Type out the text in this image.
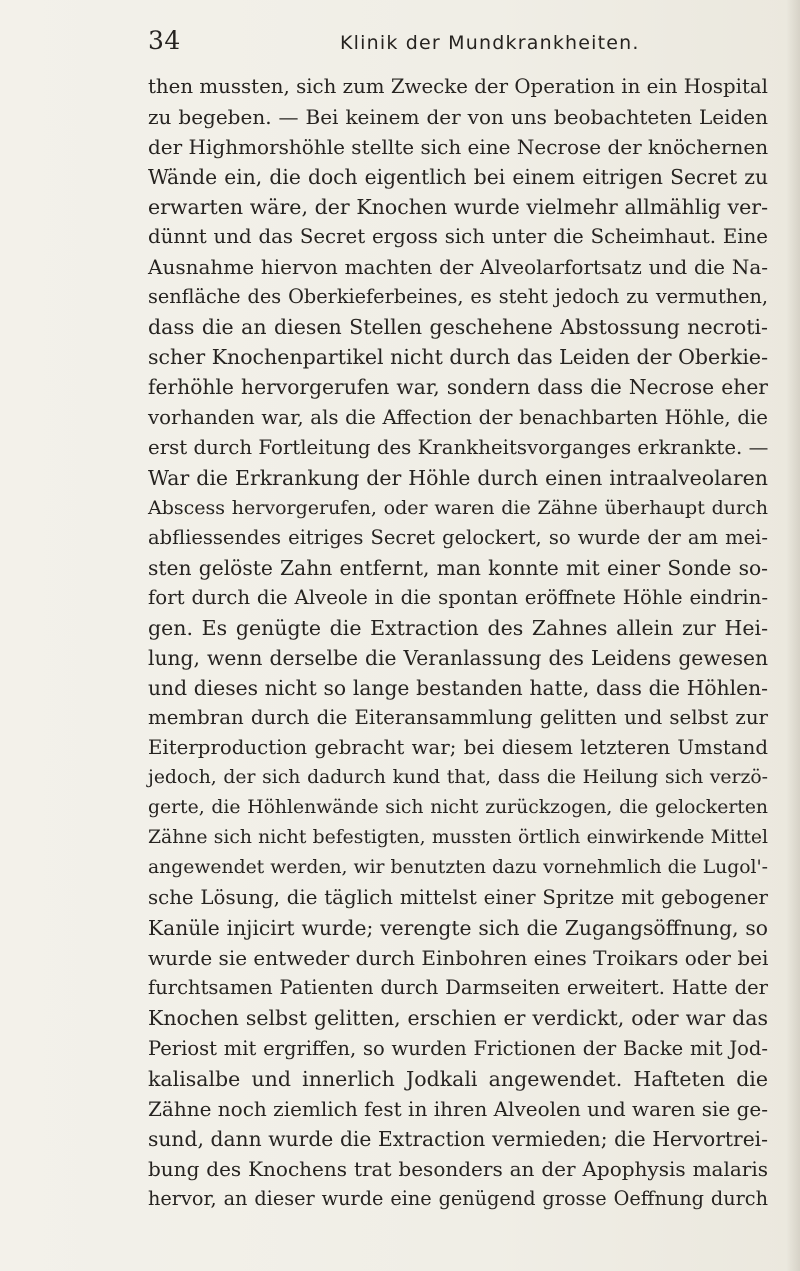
34	Klinik der Mundkrankheiten.
then mussten, sich zum Zwecke der Operation in ein Hospital
zu begeben. — Bei keinem der von uns beobachteten Leiden
der Highmorshöhle stellte sich eine Necrose der knöchernen
Wände ein, die doch eigentlich bei einem eitrigen Secret zu
erwarten wäre, der Knochen wurde vielmehr allmählig ver-
dünnt und das Secret ergoss sich unter die Scheimhaut. Eine
Ausnahme hiervon machten der Alveolarfortsatz und die Na-
senfläche des Oberkieferbeines, es steht jedoch zu vermuthen,
dass die an diesen Stellen geschehene Abstossung necroti-
scher Knochenpartikel nicht durch das Leiden der Oberkie-
ferhöhle hervorgerufen war, sondern dass die Necrose eher
vorhanden war, als die Affection der benachbarten Höhle, die
erst durch Fortleitung des Krankheitsvorganges erkrankte. —
War die Erkrankung der Höhle durch einen intraalveolaren
Abscess hervorgerufen, oder waren die Zähne überhaupt durch
abfliessendes eitriges Secret gelockert, so wurde der am mei-
sten gelöste Zahn entfernt, man konnte mit einer Sonde so-
fort durch die Alveole in die spontan eröffnete Höhle eindrin-
gen. Es genügte die Extraction des Zahnes allein zur Hei-
lung, wenn derselbe die Veranlassung des Leidens gewesen
und dieses nicht so lange bestanden hatte, dass die Höhlen-
membran durch die Eiteransammlung gelitten und selbst zur
Eiterproduction gebracht war; bei diesem letzteren Umstand
jedoch, der sich dadurch kund that, dass die Heilung sich verzö-
gerte, die Höhlenwände sich nicht zurückzogen, die gelockerten
Zähne sich nicht befestigten, mussten örtlich einwirkende Mittel
angewendet werden, wir benutzten dazu vornehmlich die Lugol'-
sche Lösung, die täglich mittelst einer Spritze mit gebogener
Kanüle injicirt wurde; verengte sich die Zugangsöffnung, so
wurde sie entweder durch Einbohren eines Troikars oder bei
furchtsamen Patienten durch Darmseiten erweitert. Hatte der
Knochen selbst gelitten, erschien er verdickt, oder war das
Periost mit ergriffen, so wurden Frictionen der Backe mit Jod-
kalisalbe und innerlich Jodkali angewendet. Hafteten die
Zähne noch ziemlich fest in ihren Alveolen und waren sie ge-
sund, dann wurde die Extraction vermieden; die Hervortrei-
bung des Knochens trat besonders an der Apophysis malaris
hervor, an dieser wurde eine genügend grosse Oeffnung durch
